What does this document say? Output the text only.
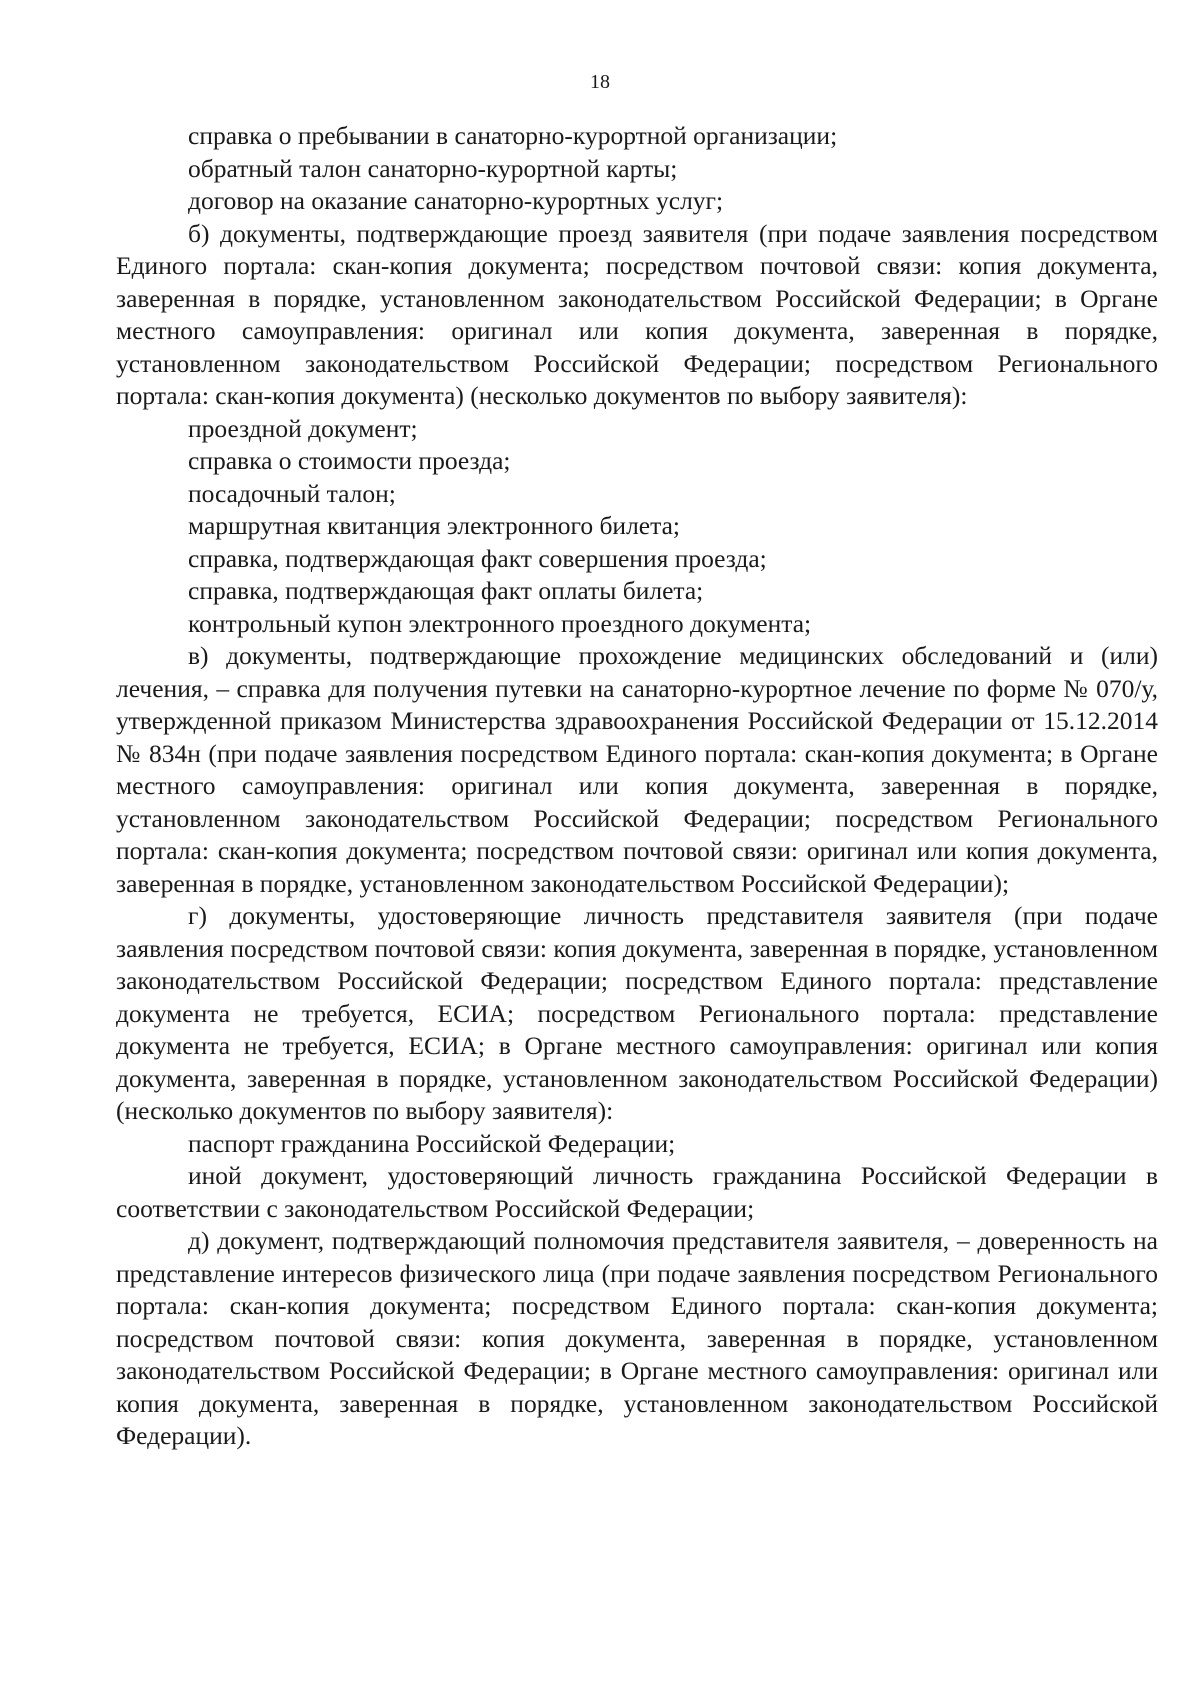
18

справка о пребывании в санаторно-курортной организации;

обратный талон санаторно-курортной карты;

договор на оказание санаторно-курортных услуг;

б) документы, подтверждающие проезд заявителя (при подаче заявления посредством Единого портала: скан-копия документа; посредством почтовой связи: копия документа, заверенная в порядке, установленном законодательством Российской Федерации; в Органе местного самоуправления: оригинал или копия документа, заверенная в порядке, установленном законодательством Российской Федерации; посредством Регионального портала: скан-копия документа) (несколько документов по выбору заявителя):

проездной документ;

справка о стоимости проезда;

посадочный талон;

маршрутная квитанция электронного билета;

справка, подтверждающая факт совершения проезда;

справка, подтверждающая факт оплаты билета;

контрольный купон электронного проездного документа;

в) документы, подтверждающие прохождение медицинских обследований и (или) лечения, – справка для получения путевки на санаторно-курортное лечение по форме № 070/у, утвержденной приказом Министерства здравоохранения Российской Федерации от 15.12.2014 № 834н (при подаче заявления посредством Единого портала: скан-копия документа; в Органе местного самоуправления: оригинал или копия документа, заверенная в порядке, установленном законодательством Российской Федерации; посредством Регионального портала: скан-копия документа; посредством почтовой связи: оригинал или копия документа, заверенная в порядке, установленном законодательством Российской Федерации);

г) документы, удостоверяющие личность представителя заявителя (при подаче заявления посредством почтовой связи: копия документа, заверенная в порядке, установленном законодательством Российской Федерации; посредством Единого портала: представление документа не требуется, ЕСИА; посредством Регионального портала: представление документа не требуется, ЕСИА; в Органе местного самоуправления: оригинал или копия документа, заверенная в порядке, установленном законодательством Российской Федерации) (несколько документов по выбору заявителя):

паспорт гражданина Российской Федерации;

иной документ, удостоверяющий личность гражданина Российской Федерации в соответствии с законодательством Российской Федерации;

д) документ, подтверждающий полномочия представителя заявителя, – доверенность на представление интересов физического лица (при подаче заявления посредством Регионального портала: скан-копия документа; посредством Единого портала: скан-копия документа; посредством почтовой связи: копия документа, заверенная в порядке, установленном законодательством Российской Федерации; в Органе местного самоуправления: оригинал или копия документа, заверенная в порядке, установленном законодательством Российской Федерации).
